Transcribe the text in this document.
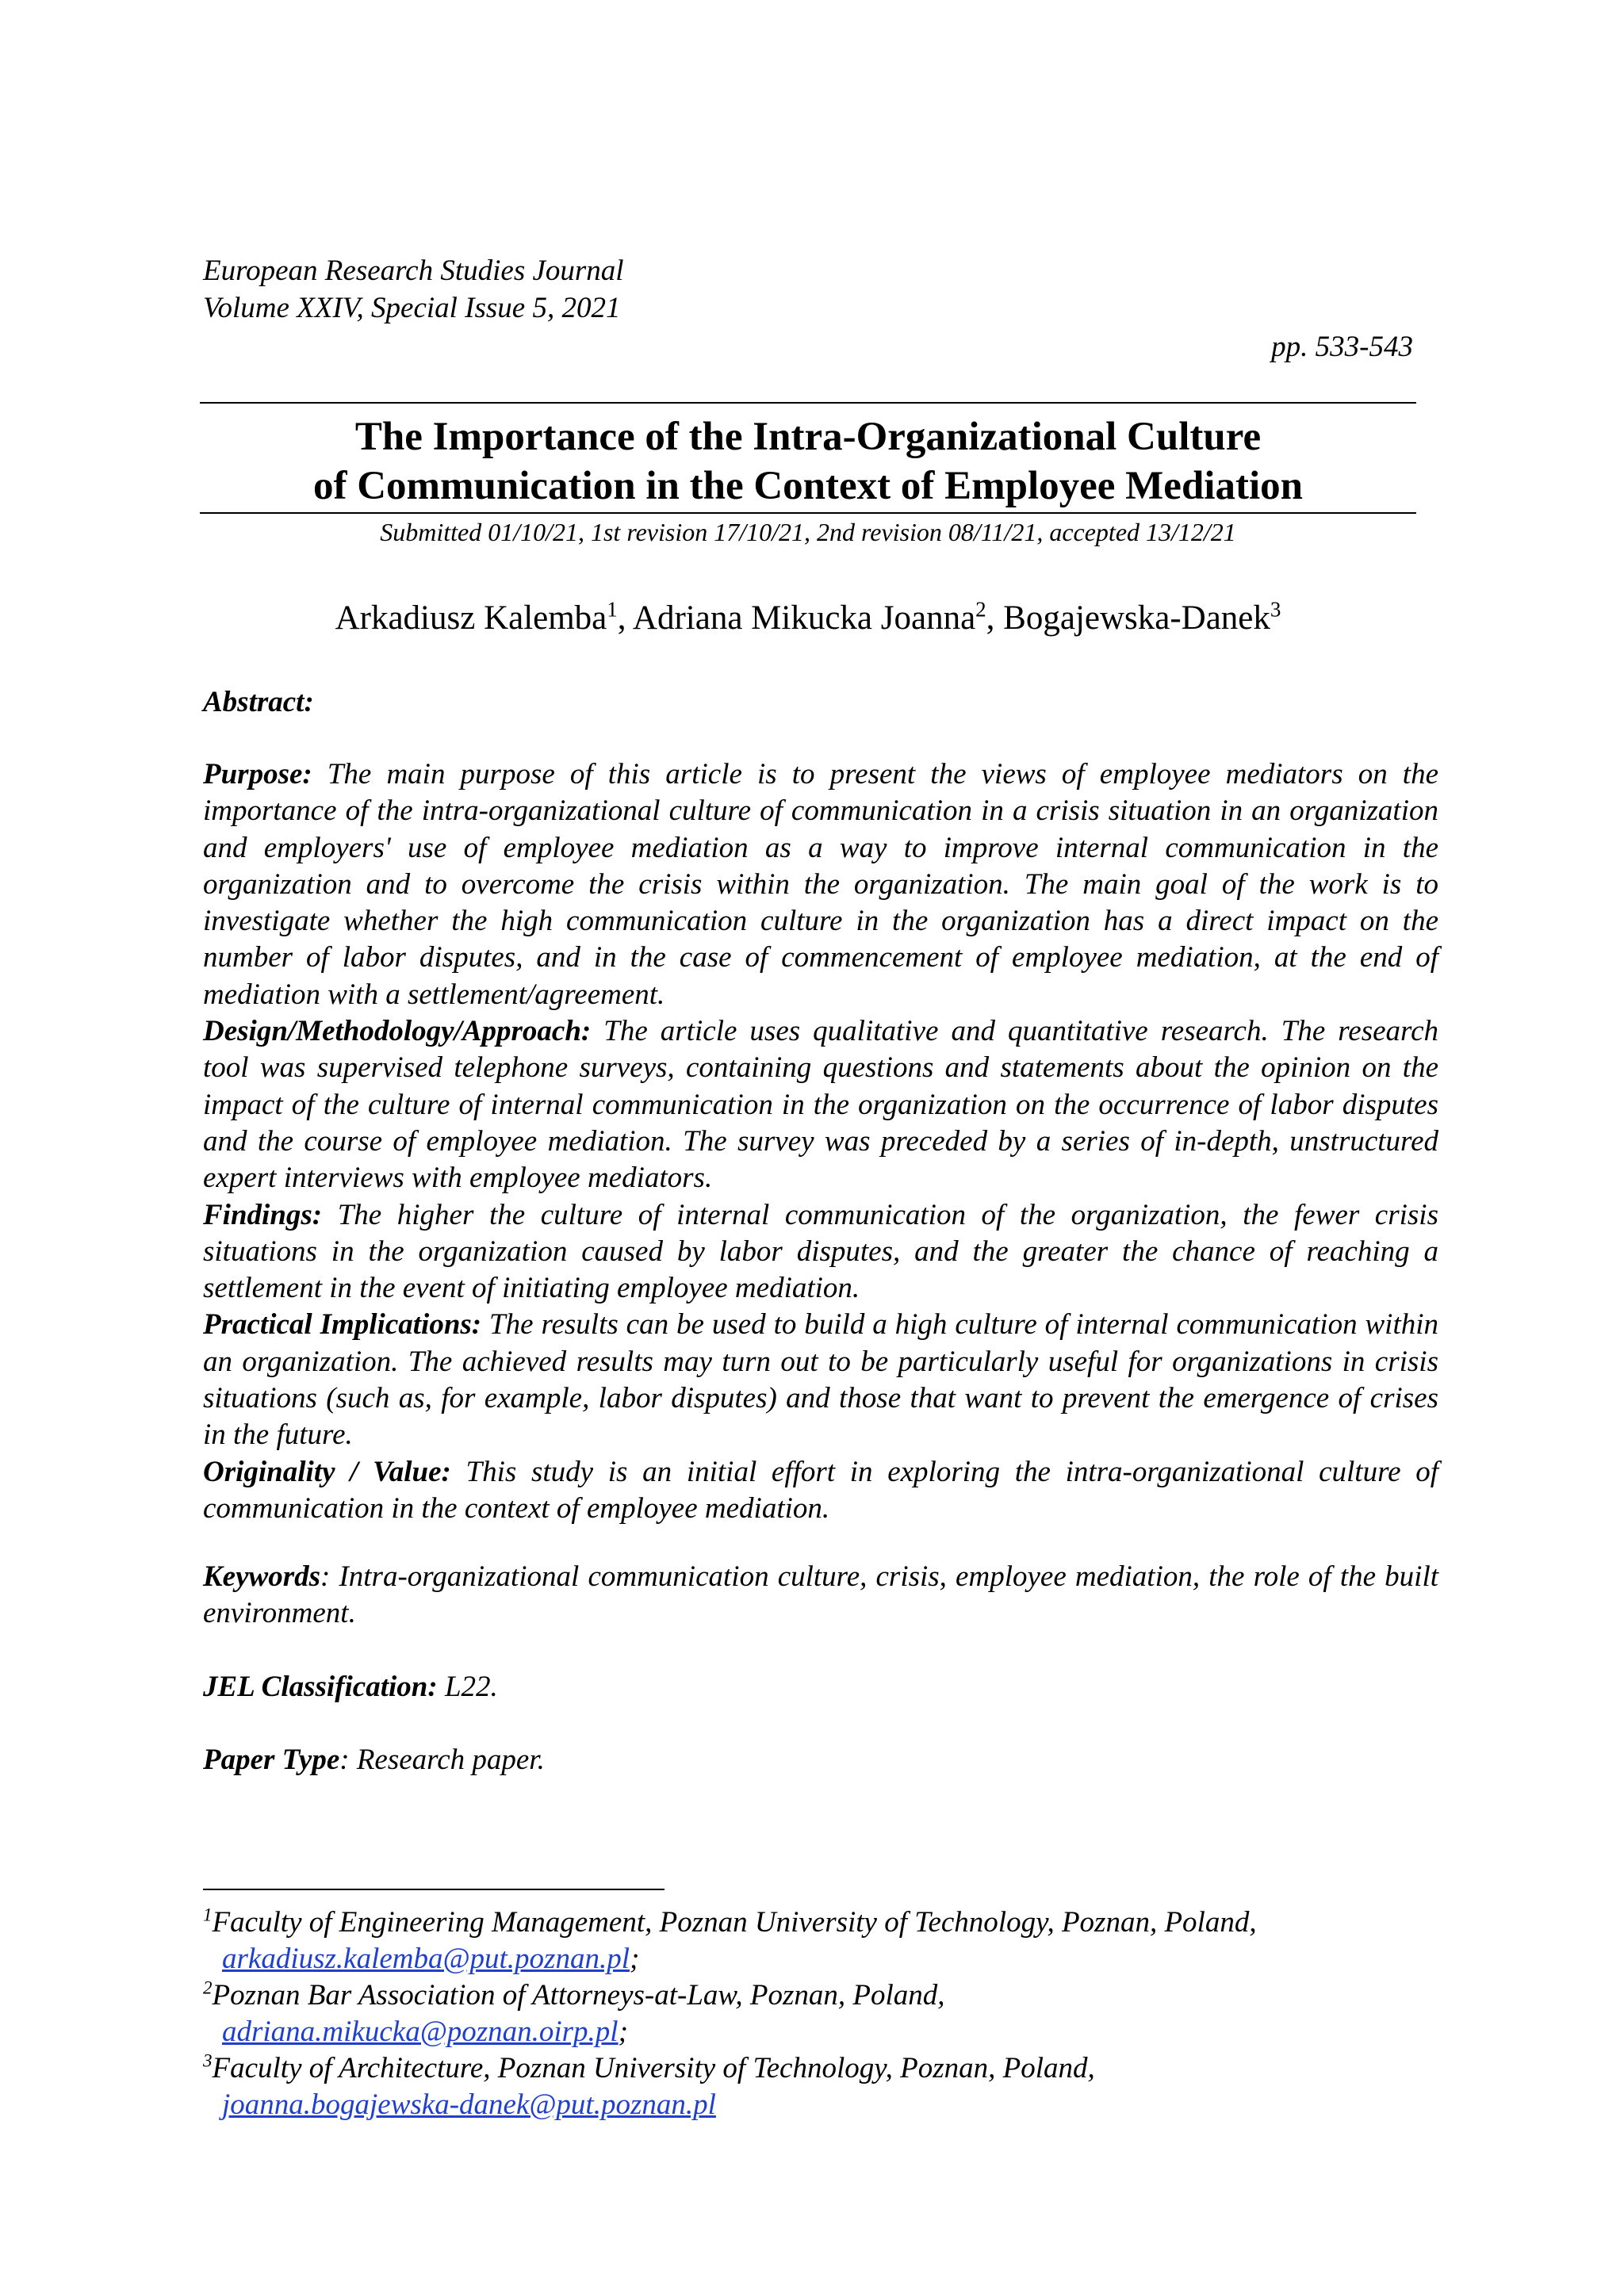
European Research Studies Journal
Volume XXIV, Special Issue 5, 2021
pp. 533-543
The Importance of the Intra-Organizational Culture
of Communication in the Context of Employee Mediation
Submitted 01/10/21, 1st revision 17/10/21, 2nd revision 08/11/21, accepted 13/12/21
Arkadiusz Kalemba$^1$, Adriana Mikucka Joanna$^2$, Bogajewska-Danek$^3$
Abstract:

Purpose: The main purpose of this article is to present the views of employee mediators on the importance of the intra-organizational culture of communication in a crisis situation in an organization and employers' use of employee mediation as a way to improve internal communication in the organization and to overcome the crisis within the organization. The main goal of the work is to investigate whether the high communication culture in the organization has a direct impact on the number of labor disputes, and in the case of commencement of employee mediation, at the end of mediation with a settlement/agreement.

Design/Methodology/Approach: The article uses qualitative and quantitative research. The research tool was supervised telephone surveys, containing questions and statements about the opinion on the impact of the culture of internal communication in the organization on the occurrence of labor disputes and the course of employee mediation. The survey was preceded by a series of in-depth, unstructured expert interviews with employee mediators.

Findings: The higher the culture of internal communication of the organization, the fewer crisis situations in the organization caused by labor disputes, and the greater the chance of reaching a settlement in the event of initiating employee mediation.

Practical Implications: The results can be used to build a high culture of internal communication within an organization. The achieved results may turn out to be particularly useful for organizations in crisis situations (such as, for example, labor disputes) and those that want to prevent the emergence of crises in the future.

Originality / Value: This study is an initial effort in exploring the intra-organizational culture of communication in the context of employee mediation.

Keywords: Intra-organizational communication culture, crisis, employee mediation, the role of the built environment.

JEL Classification: L22.

Paper Type: Research paper.

$^1$Faculty of Engineering Management, Poznan University of Technology, Poznan, Poland,

arkadiusz.kalemba@put.poznan.pl;

$^2$Poznan Bar Association of Attorneys-at-Law, Poznan, Poland,

adriana.mikucka@poznan.oirp.pl;

$^3$Faculty of Architecture, Poznan University of Technology, Poznan, Poland,

joanna.bogajewska-danek@put.poznan.pl
